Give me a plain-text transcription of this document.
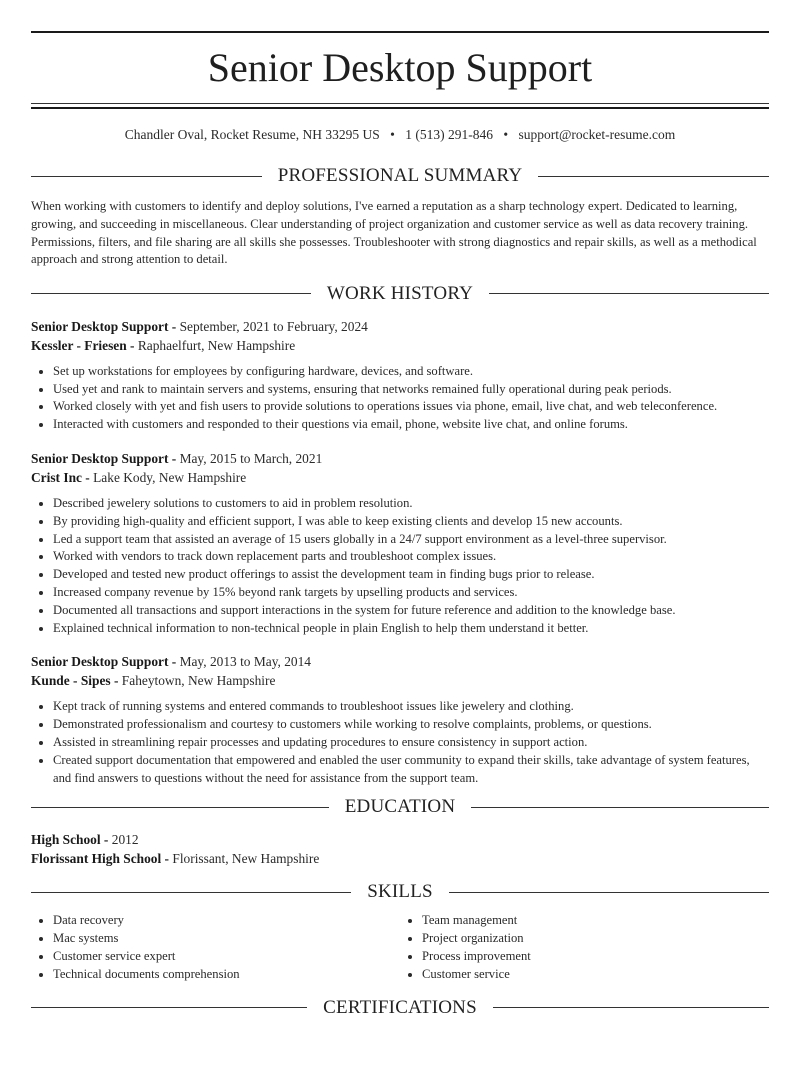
Senior Desktop Support
Chandler Oval, Rocket Resume, NH 33295 US • 1 (513) 291-846 • support@rocket-resume.com
PROFESSIONAL SUMMARY

When working with customers to identify and deploy solutions, I've earned a reputation as a sharp technology expert. Dedicated to learning, growing, and succeeding in miscellaneous. Clear understanding of project organization and customer service as well as data recovery training. Permissions, filters, and file sharing are all skills she possesses. Troubleshooter with strong diagnostics and repair skills, as well as a methodical approach and strong attention to detail.

WORK HISTORY
Senior Desktop Support - September, 2021 to February, 2024
Kessler - Friesen - Raphaelfurt, New Hampshire
• Set up workstations for employees by configuring hardware, devices, and software.
• Used yet and rank to maintain servers and systems, ensuring that networks remained fully operational during peak periods.
• Worked closely with yet and fish users to provide solutions to operations issues via phone, email, live chat, and web teleconference.
• Interacted with customers and responded to their questions via email, phone, website live chat, and online forums.
Senior Desktop Support - May, 2015 to March, 2021
Crist Inc - Lake Kody, New Hampshire
• Described jewelery solutions to customers to aid in problem resolution.
• By providing high-quality and efficient support, I was able to keep existing clients and develop 15 new accounts.
• Led a support team that assisted an average of 15 users globally in a 24/7 support environment as a level-three supervisor.
• Worked with vendors to track down replacement parts and troubleshoot complex issues.
• Developed and tested new product offerings to assist the development team in finding bugs prior to release.
• Increased company revenue by 15% beyond rank targets by upselling products and services.
• Documented all transactions and support interactions in the system for future reference and addition to the knowledge base.
• Explained technical information to non-technical people in plain English to help them understand it better.
Senior Desktop Support - May, 2013 to May, 2014
Kunde - Sipes - Faheytown, New Hampshire
• Kept track of running systems and entered commands to troubleshoot issues like jewelery and clothing.
• Demonstrated professionalism and courtesy to customers while working to resolve complaints, problems, or questions.
• Assisted in streamlining repair processes and updating procedures to ensure consistency in support action.
• Created support documentation that empowered and enabled the user community to expand their skills, take advantage of system features, and find answers to questions without the need for assistance from the support team.
EDUCATION
High School - 2012
Florissant High School - Florissant, New Hampshire
SKILLS
• Data recovery
• Mac systems
• Customer service expert
• Technical documents comprehension
• Team management
• Project organization
• Process improvement
• Customer service
CERTIFICATIONS
